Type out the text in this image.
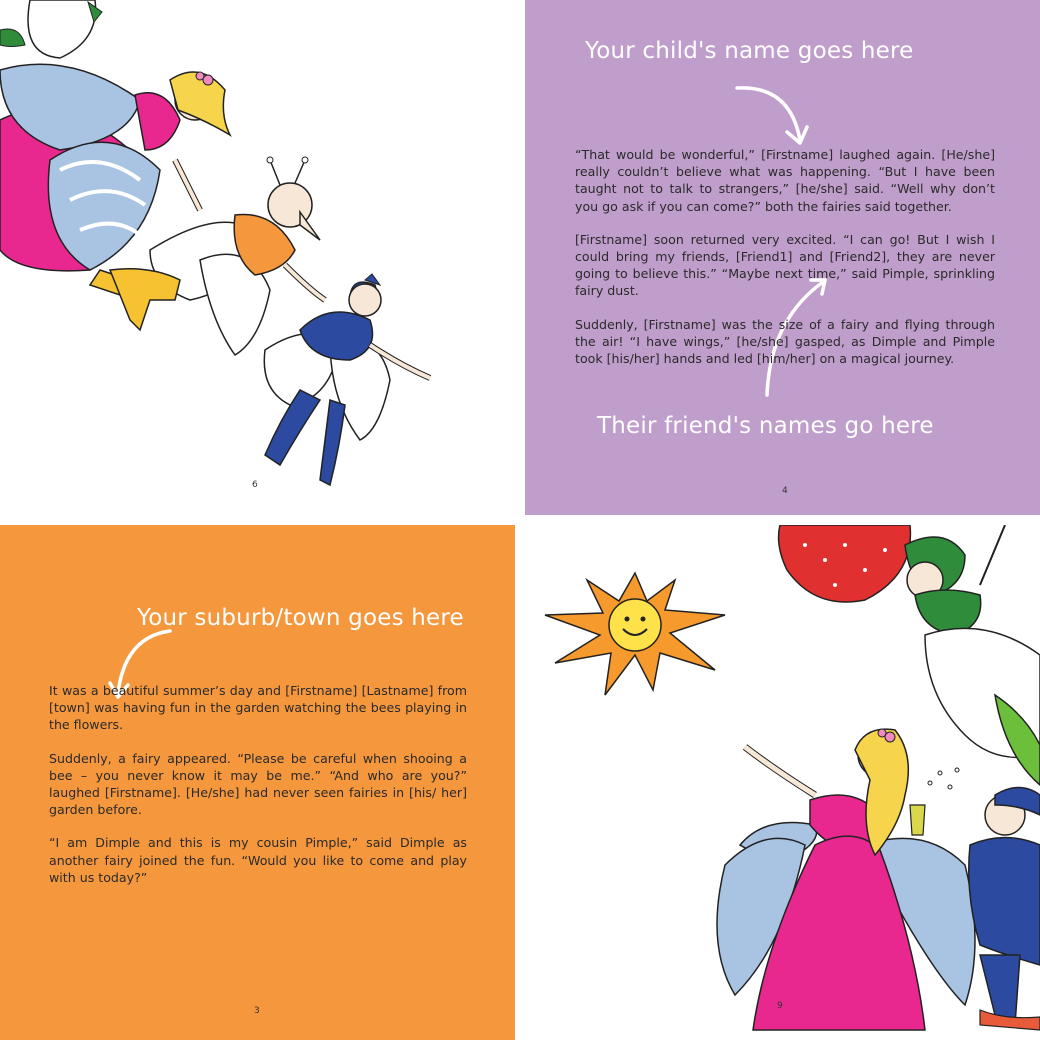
6
Your child's name goes here

“That would be wonderful,” [Firstname] laughed again. [He/she] really couldn’t believe what was happening. “But I have been taught not to talk to strangers,” [he/she] said. “Well why don’t you go ask if you can come?” both the fairies said together.

[Firstname] soon returned very excited. “I can go! But I wish I could bring my friends, [Friend1] and [Friend2], they are never going to believe this.” “Maybe next time,” said Pimple, sprinkling fairy dust.

Suddenly, [Firstname] was the size of a fairy and flying through the air! “I have wings,” [he/she] gasped, as Dimple and Pimple took [his/her] hands and led [him/her] on a magical journey.

Their friend's names go here
4
Your suburb/town goes here

It was a beautiful summer’s day and [Firstname] [Lastname] from [town] was having fun in the garden watching the bees playing in the flowers.

Suddenly, a fairy appeared. “Please be careful when shooing a bee – you never know it may be me.” “And who are you?” laughed [Firstname]. [He/she] had never seen fairies in [his/ her] garden before.

“I am Dimple and this is my cousin Pimple,” said Dimple as another fairy joined the fun. “Would you like to come and play with us today?”

3	9
